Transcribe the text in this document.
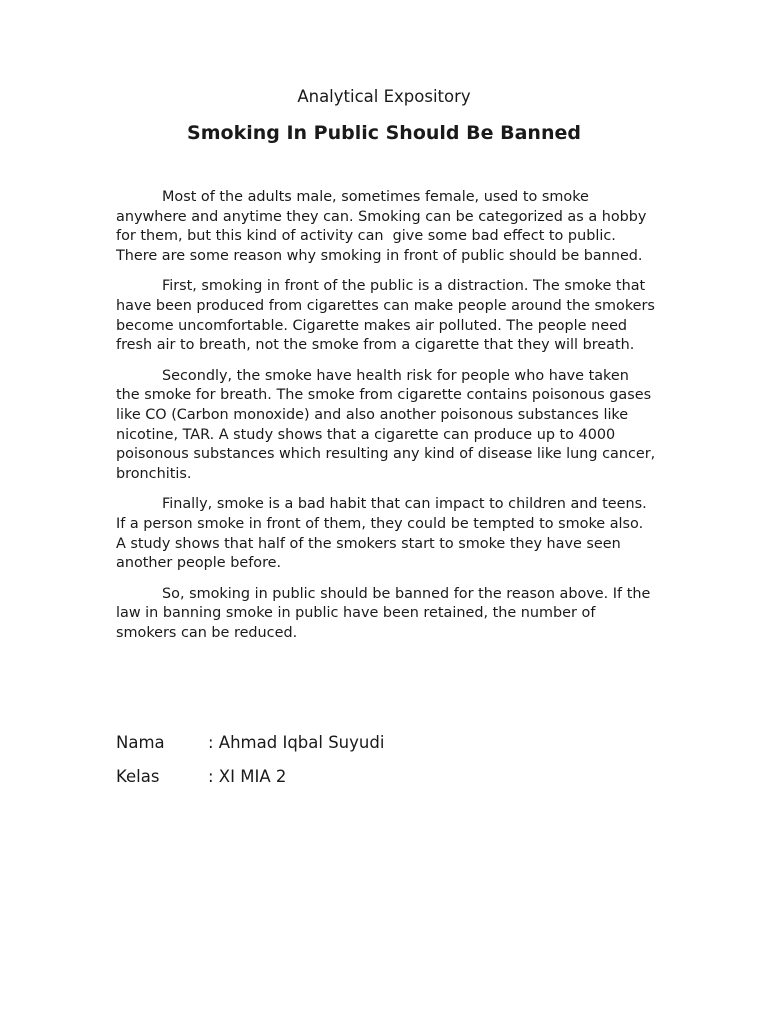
Analytical Expository
Smoking In Public Should Be Banned

Most of the adults male, sometimes female, used to smoke anywhere and anytime they can. Smoking can be categorized as a hobby for them, but this kind of activity can  give some bad effect to public. There are some reason why smoking in front of public should be banned.

First, smoking in front of the public is a distraction. The smoke that have been produced from cigarettes can make people around the smokers become uncomfortable. Cigarette makes air polluted. The people need fresh air to breath, not the smoke from a cigarette that they will breath.

Secondly, the smoke have health risk for people who have taken the smoke for breath. The smoke from cigarette contains poisonous gases like CO (Carbon monoxide) and also another poisonous substances like nicotine, TAR. A study shows that a cigarette can produce up to 4000 poisonous substances which resulting any kind of disease like lung cancer, bronchitis.

Finally, smoke is a bad habit that can impact to children and teens. If a person smoke in front of them, they could be tempted to smoke also. A study shows that half of the smokers start to smoke they have seen another people before.

So, smoking in public should be banned for the reason above. If the law in banning smoke in public have been retained, the number of smokers can be reduced.

Nama	: Ahmad Iqbal Suyudi
Kelas	: XI MIA 2
